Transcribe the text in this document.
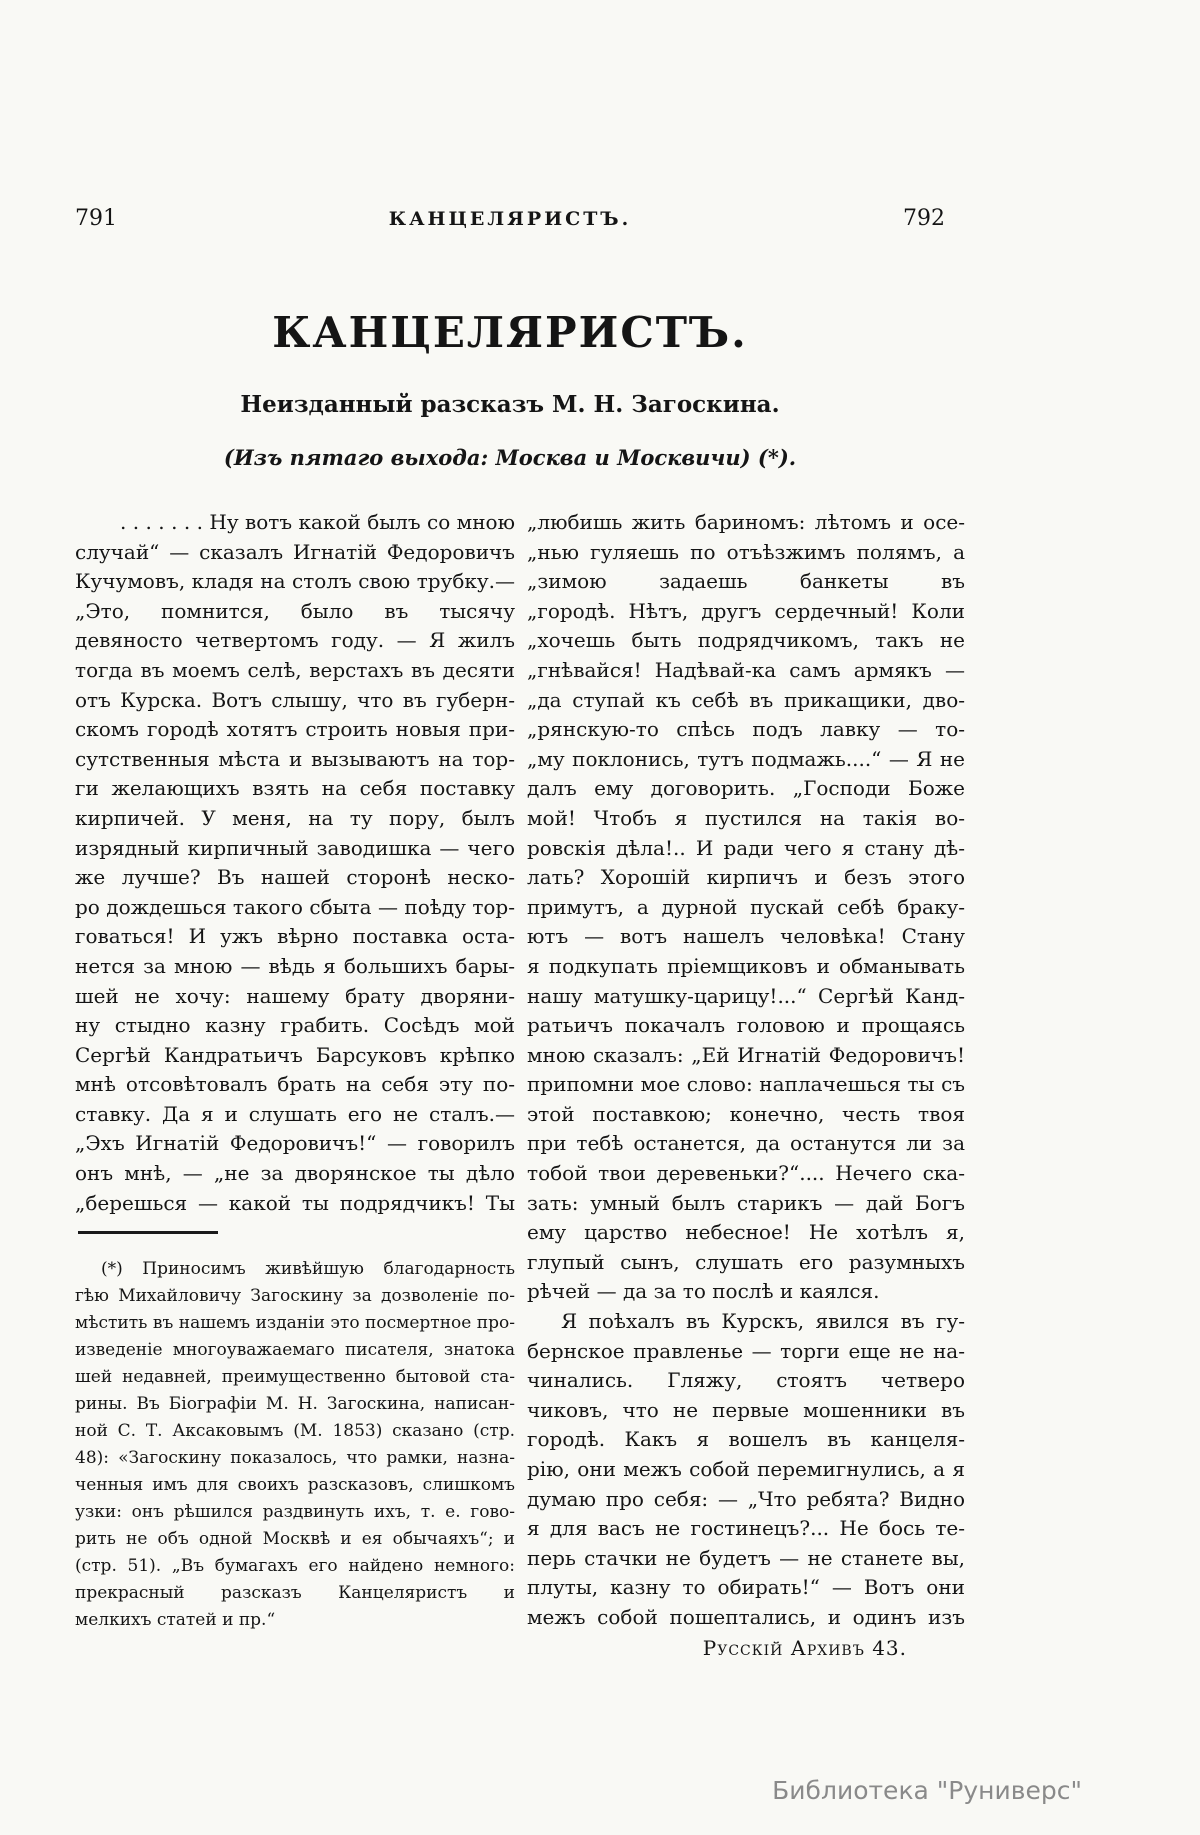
791	КАНЦЕЛЯРИСТЪ.	792
КАНЦЕЛЯРИСТЪ.
Неизданный разсказъ М. Н. Загоскина.
(Изъ пятаго выхода: Москва и Москвичи) (*).
. . . . . . . Ну вотъ какой былъ со мною
случай“ — сказалъ Игнатій Федоровичъ
Кучумовъ, кладя на столъ свою трубку.—
„Это, помнится, было въ тысячу
девяносто четвертомъ году. — Я жилъ
тогда въ моемъ селѣ, верстахъ въ десяти
отъ Курска. Вотъ слышу, что въ губерн-
скомъ городѣ хотятъ строить новыя при-
сутственныя мѣста и вызываютъ на тор-
ги желающихъ взять на себя поставку
кирпичей. У меня, на ту пору, былъ
изрядный кирпичный заводишка — чего
же лучше? Въ нашей сторонѣ неско-
ро дождешься такого сбыта — поѣду тор-
говаться! И ужъ вѣрно поставка оста-
нется за мною — вѣдь я большихъ бары-
шей не хочу: нашему брату дворяни-
ну стыдно казну грабить. Сосѣдъ мой
Сергѣй Кандратьичъ Барсуковъ крѣпко
мнѣ отсовѣтовалъ брать на себя эту по-
ставку. Да я и слушать его не сталъ.—
„Эхъ Игнатій Федоровичъ!“ — говорилъ
онъ мнѣ, — „не за дворянское ты дѣло
„берешься — какой ты подрядчикъ! Ты
„любишь жить бариномъ: лѣтомъ и осе-
„нью гуляешь по отъѣзжимъ полямъ, а
„зимою задаешь банкеты въ
„городѣ. Нѣтъ, другъ сердечный! Коли
„хочешь быть подрядчикомъ, такъ не
„гнѣвайся! Надѣвай-ка самъ армякъ —
„да ступай къ себѣ въ прикащики, дво-
„рянскую-то спѣсь подъ лавку — то-
„му поклонись, тутъ подмажь....“ — Я не
далъ ему договорить. „Господи Боже
мой! Чтобъ я пустился на такія во-
ровскія дѣла!.. И ради чего я стану дѣ-
лать? Хорошій кирпичъ и безъ этого
примутъ, а дурной пускай себѣ браку-
ютъ — вотъ нашелъ человѣка! Стану
я подкупать пріемщиковъ и обманывать
нашу матушку-царицу!...“ Сергѣй Канд-
ратьичъ покачалъ головою и прощаясь
мною сказалъ: „Ей Игнатій Федоровичъ!
припомни мое слово: наплачешься ты съ
этой поставкою; конечно, честь твоя
при тебѣ останется, да останутся ли за
тобой твои деревеньки?“.... Нечего ска-
зать: умный былъ старикъ — дай Богъ
ему царство небесное! Не хотѣлъ я,
глупый сынъ, слушать его разумныхъ
рѣчей — да за то послѣ и каялся.
Я поѣхалъ въ Курскъ, явился въ гу-
бернское правленье — торги еще не на-
чинались. Гляжу, стоятъ четверо
чиковъ, что не первые мошенники въ
городѣ. Какъ я вошелъ въ канцеля-
рію, они межъ собой перемигнулись, а я
думаю про себя: — „Что ребята? Видно
я для васъ не гостинецъ?... Не бось те-
перь стачки не будетъ — не станете вы,
плуты, казну то обирать!“ — Вотъ они
межъ собой пошептались, и одинъ изъ
(*) Приносимъ живѣйшую благодарность
гѣю Михайловичу Загоскину за дозволеніе по-
мѣстить въ нашемъ изданіи это посмертное про-
изведеніе многоуважаемаго писателя, знатока
шей недавней, преимущественно бытовой ста-
рины. Въ Біографіи М. Н. Загоскина, написан-
ной С. Т. Аксаковымъ (М. 1853) сказано (стр.
48): «Загоскину показалось, что рамки, назна-
ченныя имъ для своихъ разсказовъ, слишкомъ
узки: онъ рѣшился раздвинуть ихъ, т. е. гово-
рить не объ одной Москвѣ и ея обычаяхъ“; и
(стр. 51). „Въ бумагахъ его найдено немного:
прекрасный разсказъ Канцеляристъ и
мелкихъ статей и пр.“
Русскій Архивъ 43.
Библиотека "Руниверс"
